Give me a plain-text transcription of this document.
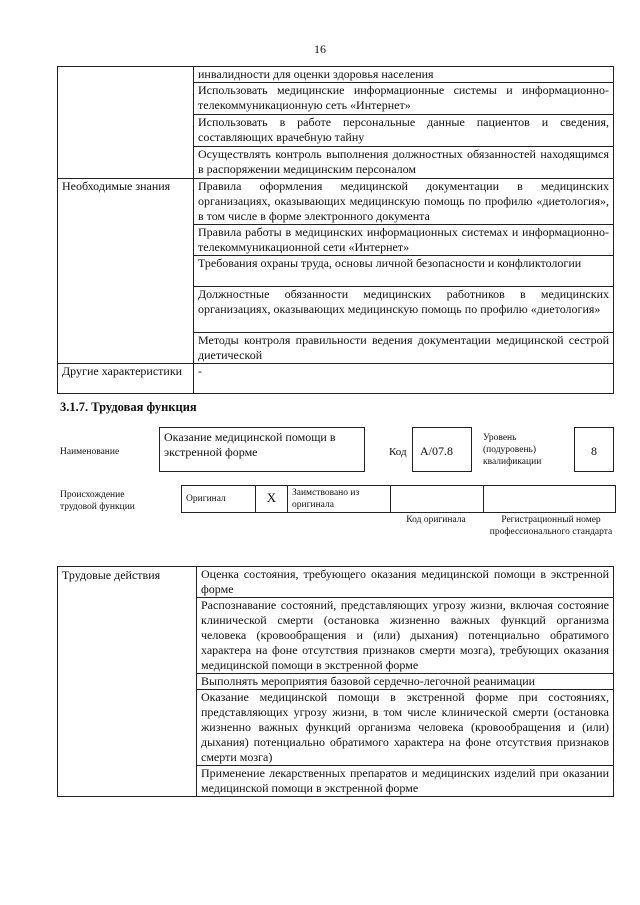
16
	инвалидности для оценки здоровья населения
	Использовать медицинские информационные системы и информационно-телекоммуникационную сеть «Интернет»
	Использовать в работе персональные данные пациентов и сведения, составляющих врачебную тайну
	Осуществлять контроль выполнения должностных обязанностей находящимся в распоряжении медицинским персоналом
Необходимые знания	Правила оформления медицинской документации в медицинских организациях, оказывающих медицинскую помощь по профилю «диетология», в том числе в форме электронного документа
	Правила работы в медицинских информационных системах и информационно-телекоммуникационной сети «Интернет»
	Требования охраны труда, основы личной безопасности и конфликтологии
	Должностные обязанности медицинских работников в медицинских организациях, оказывающих медицинскую помощь по профилю «диетология»
	Методы контроля правильности ведения документации медицинской сестрой диетической
Другие характеристики	-
3.1.7. Трудовая функция
Наименование
Оказание медицинской помощи в экстренной форме	Код	А/07.8
Уровень (подуровень) квалификации
8
Происхождение трудовой функции
Оригинал	X	Заимствовано из оригинала		
Код оригинала	Регистрационный номер профессионального стандарта
Трудовые действия	Оценка состояния, требующего оказания медицинской помощи в экстренной форме
Распознавание состояний, представляющих угрозу жизни, включая состояние клинической смерти (остановка жизненно важных функций организма человека (кровообращения и (или) дыхания) потенциально обратимого характера на фоне отсутствия признаков смерти мозга), требующих оказания медицинской помощи в экстренной форме
Выполнять мероприятия базовой сердечно-легочной реанимации
Оказание медицинской помощи в экстренной форме при состояниях, представляющих угрозу жизни, в том числе клинической смерти (остановка жизненно важных функций организма человека (кровообращения и (или) дыхания) потенциально обратимого характера на фоне отсутствия признаков смерти мозга)
Применение лекарственных препаратов и медицинских изделий при оказании медицинской помощи в экстренной форме
